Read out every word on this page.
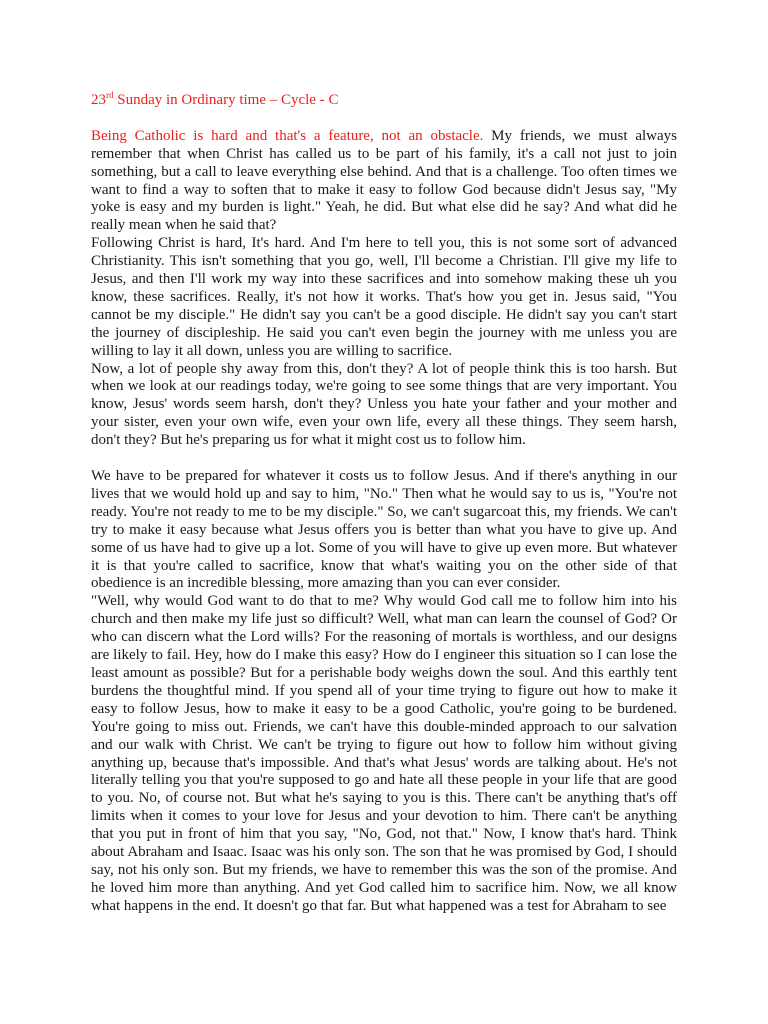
23rd Sunday in Ordinary time – Cycle - C

Being Catholic is hard and that's a feature, not an obstacle. My friends, we must always remember that when Christ has called us to be part of his family, it's a call not just to join something, but a call to leave everything else behind. And that is a challenge. Too often times we want to find a way to soften that to make it easy to follow God because didn't Jesus say, "My yoke is easy and my burden is light." Yeah, he did. But what else did he say? And what did he really mean when he said that?

Following Christ is hard, It's hard. And I'm here to tell you, this is not some sort of advanced Christianity. This isn't something that you go, well, I'll become a Christian. I'll give my life to Jesus, and then I'll work my way into these sacrifices and into somehow making these uh you know, these sacrifices. Really, it's not how it works. That's how you get in. Jesus said, "You cannot be my disciple." He didn't say you can't be a good disciple. He didn't say you can't start the journey of discipleship. He said you can't even begin the journey with me unless you are willing to lay it all down, unless you are willing to sacrifice.

Now, a lot of people shy away from this, don't they? A lot of people think this is too harsh. But when we look at our readings today, we're going to see some things that are very important. You know, Jesus' words seem harsh, don't they? Unless you hate your father and your mother and your sister, even your own wife, even your own life, every all these things. They seem harsh, don't they? But he's preparing us for what it might cost us to follow him.

We have to be prepared for whatever it costs us to follow Jesus. And if there's anything in our lives that we would hold up and say to him, "No." Then what he would say to us is, "You're not ready. You're not ready to me to be my disciple." So, we can't sugarcoat this, my friends. We can't try to make it easy because what Jesus offers you is better than what you have to give up. And some of us have had to give up a lot. Some of you will have to give up even more. But whatever it is that you're called to sacrifice, know that what's waiting you on the other side of that obedience is an incredible blessing, more amazing than you can ever consider.

"Well, why would God want to do that to me? Why would God call me to follow him into his church and then make my life just so difficult? Well, what man can learn the counsel of God? Or who can discern what the Lord wills? For the reasoning of mortals is worthless, and our designs are likely to fail. Hey, how do I make this easy? How do I engineer this situation so I can lose the least amount as possible? But for a perishable body weighs down the soul. And this earthly tent burdens the thoughtful mind. If you spend all of your time trying to figure out how to make it easy to follow Jesus, how to make it easy to be a good Catholic, you're going to be burdened. You're going to miss out. Friends, we can't have this double-minded approach to our salvation and our walk with Christ. We can't be trying to figure out how to follow him without giving anything up, because that's impossible. And that's what Jesus' words are talking about. He's not literally telling you that you're supposed to go and hate all these people in your life that are good to you. No, of course not. But what he's saying to you is this. There can't be anything that's off limits when it comes to your love for Jesus and your devotion to him. There can't be anything that you put in front of him that you say, "No, God, not that." Now, I know that's hard. Think about Abraham and Isaac. Isaac was his only son. The son that he was promised by God, I should say, not his only son. But my friends, we have to remember this was the son of the promise. And he loved him more than anything. And yet God called him to sacrifice him. Now, we all know what happens in the end. It doesn't go that far. But what happened was a test for Abraham to see
